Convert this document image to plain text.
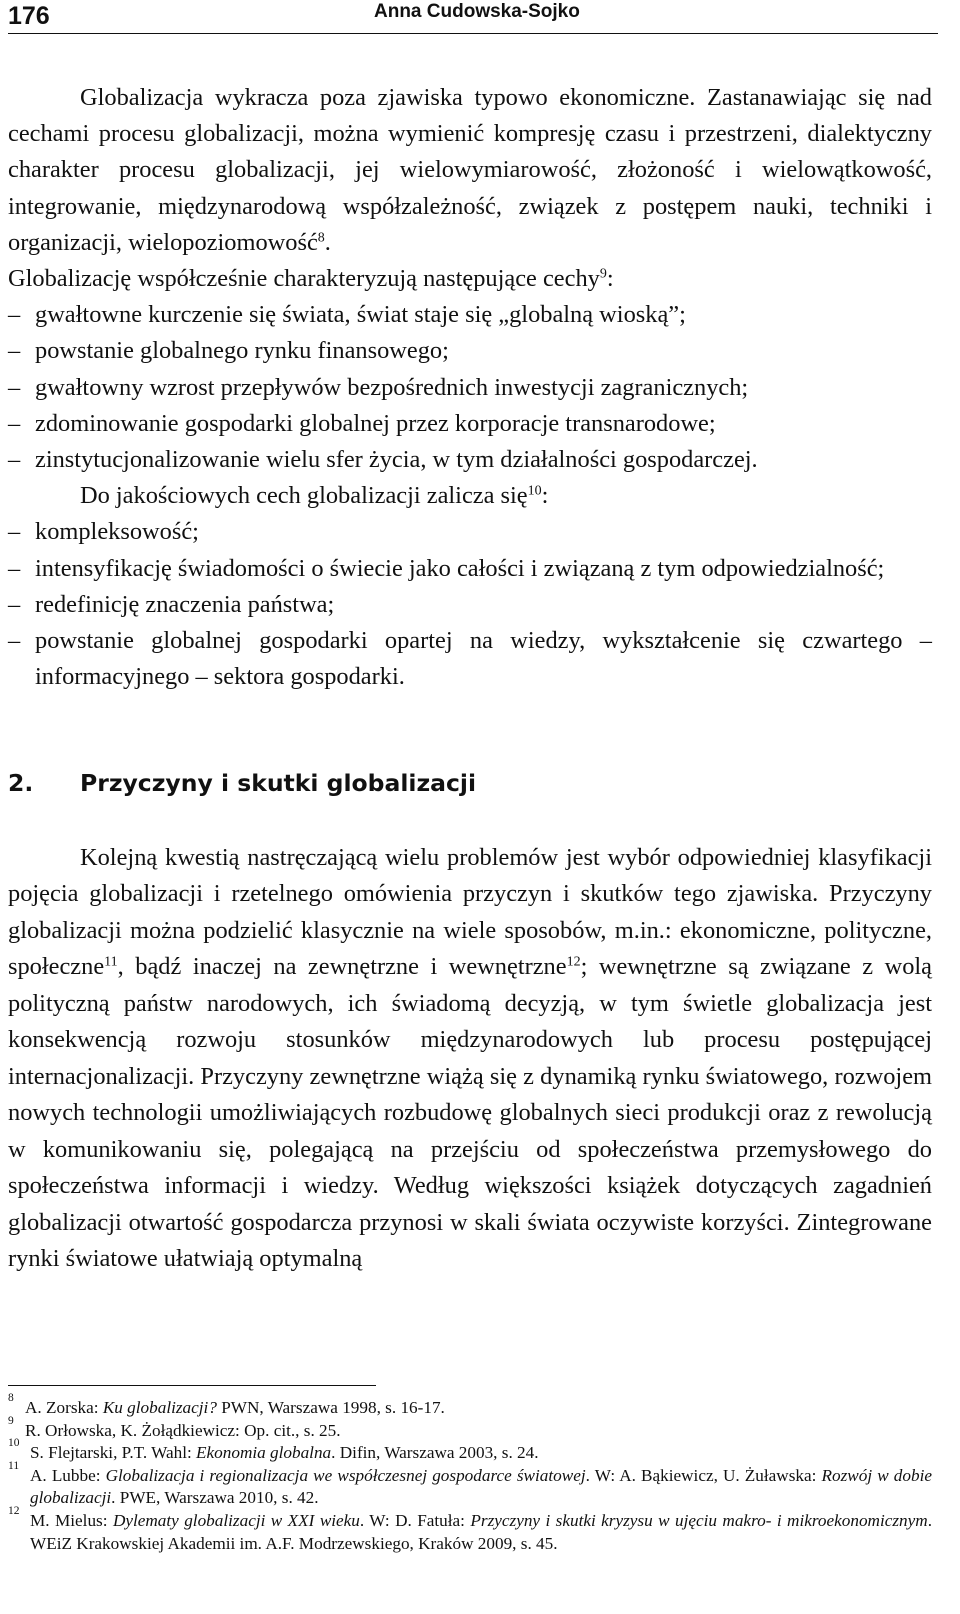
176	Anna Cudowska-Sojko

Globalizacja wykracza poza zjawiska typowo ekonomiczne. Zastanawiając się nad cechami procesu globalizacji, można wymienić kompresję czasu i przestrzeni, dialektyczny charakter procesu globalizacji, jej wielowymiarowość, złożoność i wielowątkowość, integrowanie, międzynarodową współzależność, związek z postępem nauki, techniki i organizacji, wielopoziomowość$^8$.

Globalizację współcześnie charakteryzują następujące cechy$^9$:

– gwałtowne kurczenie się świata, świat staje się „globalną wioską”;
– powstanie globalnego rynku finansowego;
– gwałtowny wzrost przepływów bezpośrednich inwestycji zagranicznych;
– zdominowanie gospodarki globalnej przez korporacje transnarodowe;
– zinstytucjonalizowanie wielu sfer życia, w tym działalności gospodarczej.

Do jakościowych cech globalizacji zalicza się$^{10}$:

– kompleksowość;
– intensyfikację świadomości o świecie jako całości i związaną z tym odpowiedzialność;
– redefinicję znaczenia państwa;
– powstanie globalnej gospodarki opartej na wiedzy, wykształcenie się czwartego – informacyjnego – sektora gospodarki.
2. Przyczyny i skutki globalizacji

Kolejną kwestią nastręczającą wielu problemów jest wybór odpowiedniej klasyfikacji pojęcia globalizacji i rzetelnego omówienia przyczyn i skutków tego zjawiska. Przyczyny globalizacji można podzielić klasycznie na wiele sposobów, m.in.: ekonomiczne, polityczne, społeczne$^{11}$, bądź inaczej na zewnętrzne i wewnętrzne$^{12}$; wewnętrzne są związane z wolą polityczną państw narodowych, ich świadomą decyzją, w tym świetle globalizacja jest konsekwencją rozwoju stosunków międzynarodowych lub procesu postępującej internacjonalizacji. Przyczyny zewnętrzne wiążą się z dynamiką rynku światowego, rozwojem nowych technologii umożliwiających rozbudowę globalnych sieci produkcji oraz z rewolucją w komunikowaniu się, polegającą na przejściu od społeczeństwa przemysłowego do społeczeństwa informacji i wiedzy. Według większości książek dotyczących zagadnień globalizacji otwartość gospodarcza przynosi w skali świata oczywiste korzyści. Zintegrowane rynki światowe ułatwiają optymalną

8 A. Zorska: Ku globalizacji? PWN, Warszawa 1998, s. 16-17.
9 R. Orłowska, K. Żołądkiewicz: Op. cit., s. 25.
10 S. Flejtarski, P.T. Wahl: Ekonomia globalna. Difin, Warszawa 2003, s. 24.
11 A. Lubbe: Globalizacja i regionalizacja we współczesnej gospodarce światowej. W: A. Bąkiewicz, U. Żuławska: Rozwój w dobie globalizacji. PWE, Warszawa 2010, s. 42.
12 M. Mielus: Dylematy globalizacji w XXI wieku. W: D. Fatuła: Przyczyny i skutki kryzysu w ujęciu makro- i mikroekonomicznym. WEiZ Krakowskiej Akademii im. A.F. Modrzewskiego, Kraków 2009, s. 45.
